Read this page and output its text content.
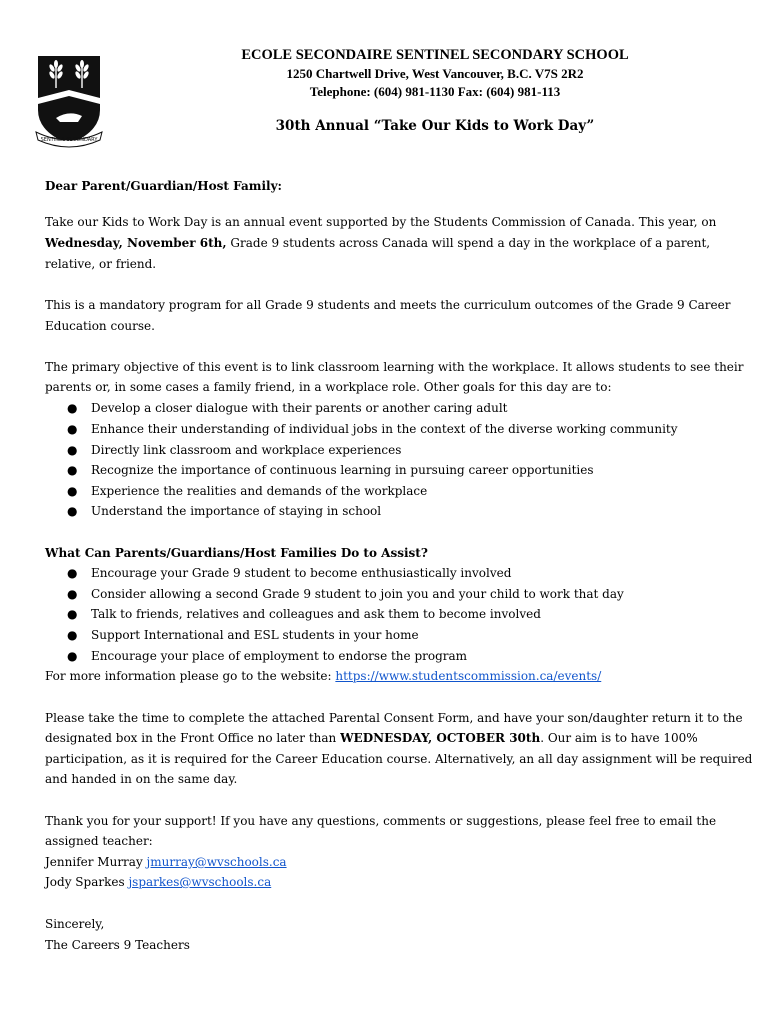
SENTINEL SECONDARY
ECOLE SECONDAIRE SENTINEL SECONDARY SCHOOL
1250 Chartwell Drive, West Vancouver, B.C. V7S 2R2
Telephone: (604) 981-1130 Fax: (604) 981-113
30th Annual “Take Our Kids to Work Day”
Dear Parent/Guardian/Host Family:
Take our Kids to Work Day is an annual event supported by the Students Commission of Canada. This year, on
Wednesday, November 6th, Grade 9 students across Canada will spend a day in the workplace of a parent,
relative, or friend.
This is a mandatory program for all Grade 9 students and meets the curriculum outcomes of the Grade 9 Career
Education course.
The primary objective of this event is to link classroom learning with the workplace. It allows students to see their
parents or, in some cases a family friend, in a workplace role. Other goals for this day are to:
● Develop a closer dialogue with their parents or another caring adult
● Enhance their understanding of individual jobs in the context of the diverse working community
● Directly link classroom and workplace experiences
● Recognize the importance of continuous learning in pursuing career opportunities
● Experience the realities and demands of the workplace
● Understand the importance of staying in school
What Can Parents/Guardians/Host Families Do to Assist?
● Encourage your Grade 9 student to become enthusiastically involved
● Consider allowing a second Grade 9 student to join you and your child to work that day
● Talk to friends, relatives and colleagues and ask them to become involved
● Support International and ESL students in your home
● Encourage your place of employment to endorse the program
For more information please go to the website: https://www.studentscommission.ca/events/
Please take the time to complete the attached Parental Consent Form, and have your son/daughter return it to the
designated box in the Front Office no later than WEDNESDAY, OCTOBER 30th. Our aim is to have 100%
participation, as it is required for the Career Education course. Alternatively, an all day assignment will be required
and handed in on the same day.
Thank you for your support! If you have any questions, comments or suggestions, please feel free to email the
assigned teacher:
Jennifer Murray jmurray@wvschools.ca
Jody Sparkes jsparkes@wvschools.ca
Sincerely,
The Careers 9 Teachers
